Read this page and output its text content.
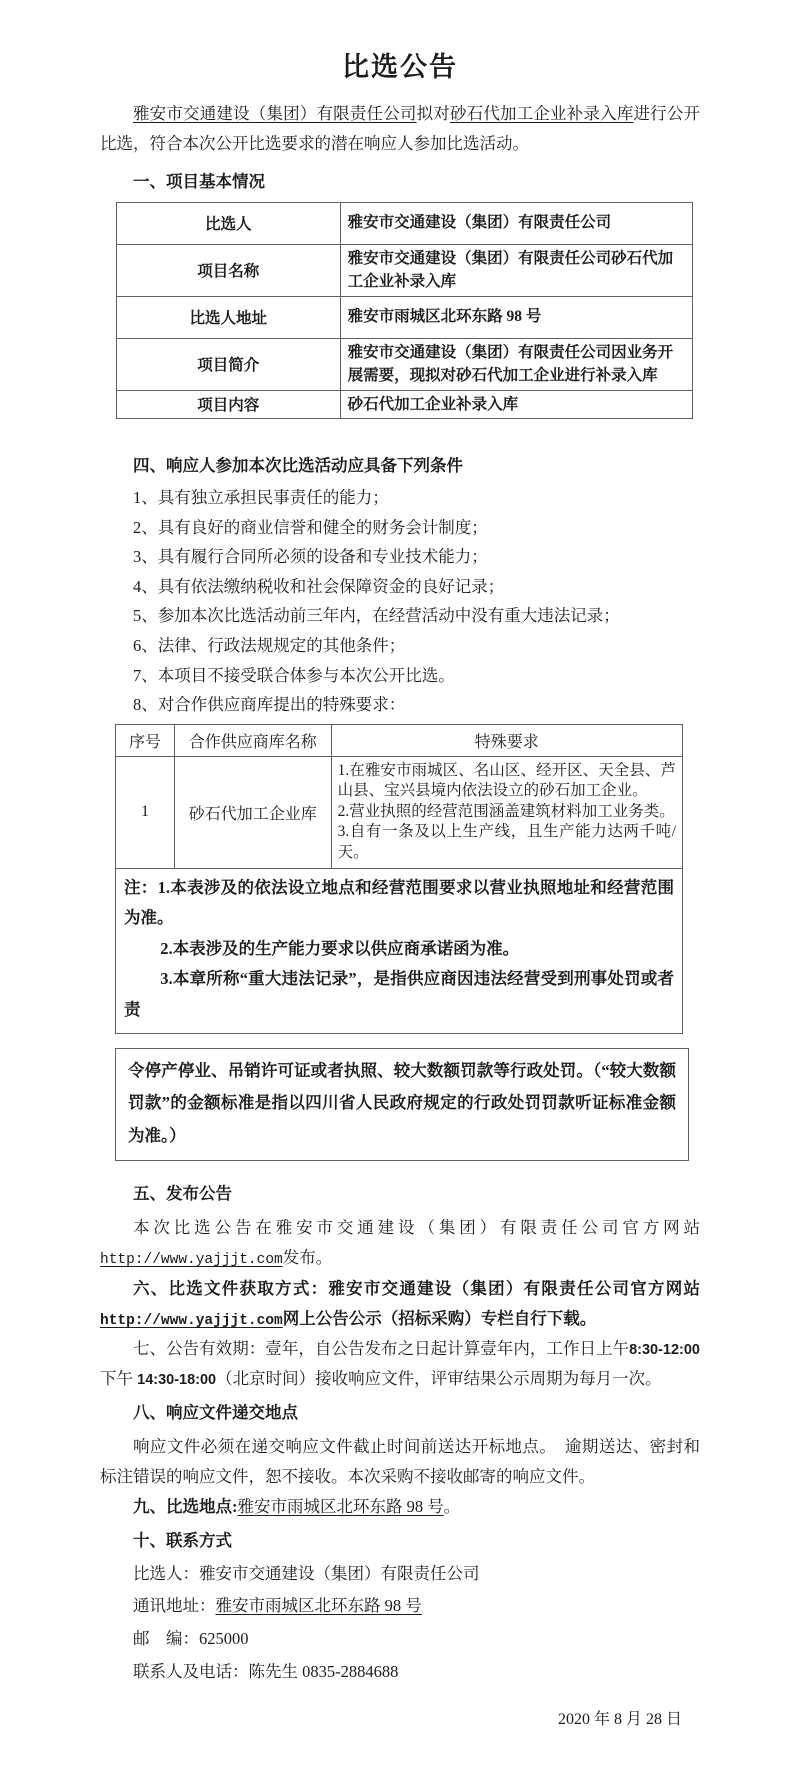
比选公告

雅安市交通建设（集团）有限责任公司拟对砂石代加工企业补录入库进行公开比选，符合本次公开比选要求的潜在响应人参加比选活动。

一、项目基本情况

比选人	雅安市交通建设（集团）有限责任公司
项目名称	雅安市交通建设（集团）有限责任公司砂石代加工企业补录入库
比选人地址	雅安市雨城区北环东路 98 号
项目简介	雅安市交通建设（集团）有限责任公司因业务开展需要，现拟对砂石代加工企业进行补录入库
项目内容	砂石代加工企业补录入库

四、响应人参加本次比选活动应具备下列条件

1、具有独立承担民事责任的能力；

2、具有良好的商业信誉和健全的财务会计制度；

3、具有履行合同所必须的设备和专业技术能力；

4、具有依法缴纳税收和社会保障资金的良好记录；

5、参加本次比选活动前三年内，在经营活动中没有重大违法记录；

6、法律、行政法规规定的其他条件；

7、本项目不接受联合体参与本次公开比选。

8、对合作供应商库提出的特殊要求：

序号	合作供应商库名称	特殊要求
1	砂石代加工企业库	1.在雅安市雨城区、名山区、经开区、天全县、芦山县、宝兴县境内依法设立的砂石加工企业。

2.营业执照的经营范围涵盖建筑材料加工业务类。

3.自有一条及以上生产线，且生产能力达两千吨/天。

注：1.本表涉及的依法设立地点和经营范围要求以营业执照地址和经营范围为准。

2.本表涉及的生产能力要求以供应商承诺函为准。

3.本章所称“重大违法记录”，是指供应商因违法经营受到刑事处罚或者责		

令停产停业、吊销许可证或者执照、较大数额罚款等行政处罚。（“较大数额罚款”的金额标准是指以四川省人民政府规定的行政处罚罚款听证标准金额为准。）

五、发布公告

本次比选公告在雅安市交通建设（集团）有限责任公司官方网站http://www.yajjjt.com发布。

六、比选文件获取方式：雅安市交通建设（集团）有限责任公司官方网站http://www.yajjjt.com网上公告公示（招标采购）专栏自行下载。

七、公告有效期：壹年，自公告发布之日起计算壹年内，工作日上午8:30-12:00 下午 14:30-18:00（北京时间）接收响应文件，评审结果公示周期为每月一次。

八、响应文件递交地点

响应文件必须在递交响应文件截止时间前送达开标地点。　逾期送达、密封和标注错误的响应文件，恕不接收。本次采购不接收邮寄的响应文件。

九、比选地点:雅安市雨城区北环东路 98 号。

十、联系方式

比选人：雅安市交通建设（集团）有限责任公司

通讯地址：雅安市雨城区北环东路 98 号

邮　编：625000

联系人及电话：陈先生 0835-2884688

2020 年 8 月 28 日
